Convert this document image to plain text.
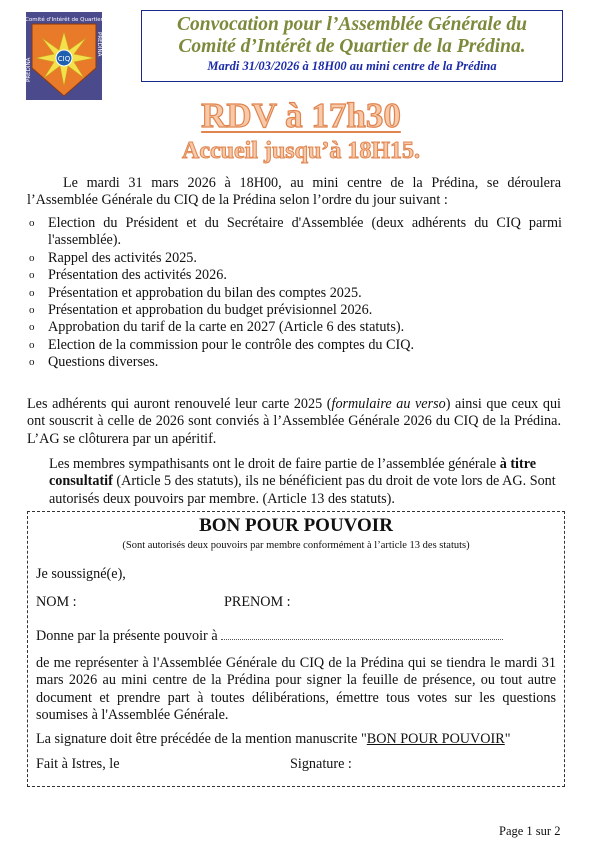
CIQ
Comité d'Intérêt de Quartier
PREDINA
PREDINA
Convocation pour l’Assemblée Générale du
Comité d’Intérêt de Quartier de la Prédina.
Mardi 31/03/2026 à 18H00 au mini centre de la Prédina
RDV à 17h30
Accueil jusqu’à 18H15.
Le mardi 31 mars 2026 à 18H00, au mini centre de la Prédina, se déroulera l’Assemblée Générale du CIQ de la Prédina selon l’ordre du jour suivant :
o Election du Président et du Secrétaire d'Assemblée (deux adhérents du CIQ parmi l'assemblée).
o Rappel des activités 2025.
o Présentation des activités 2026.
o Présentation et approbation du bilan des comptes 2025.
o Présentation et approbation du budget prévisionnel 2026.
o Approbation du tarif de la carte en 2027 (Article 6 des statuts).
o Election de la commission pour le contrôle des comptes du CIQ.
o Questions diverses.
Les adhérents qui auront renouvelé leur carte 2025 (formulaire au verso) ainsi que ceux qui ont souscrit à celle de 2026 sont conviés à l’Assemblée Générale 2026 du CIQ de la Prédina. L’AG se clôturera par un apéritif.
Les membres sympathisants ont le droit de faire partie de l’assemblée générale à titre consultatif (Article 5 des statuts), ils ne bénéficient pas du droit de vote lors de AG. Sont autorisés deux pouvoirs par membre. (Article 13 des statuts).
BON POUR POUVOIR
(Sont autorisés deux pouvoirs par membre conformément à l’article 13 des statuts)
Je soussigné(e),
NOM :	PRENOM :
Donne par la présente pouvoir à
de me représenter à l'Assemblée Générale du CIQ de la Prédina qui se tiendra le mardi 31 mars 2026 au mini centre de la Prédina pour signer la feuille de présence, ou tout autre document et prendre part à toutes délibérations, émettre tous votes sur les questions soumises à l'Assemblée Générale.
La signature doit être précédée de la mention manuscrite "BON POUR POUVOIR"
Fait à Istres, le	Signature :
Page 1 sur 2
